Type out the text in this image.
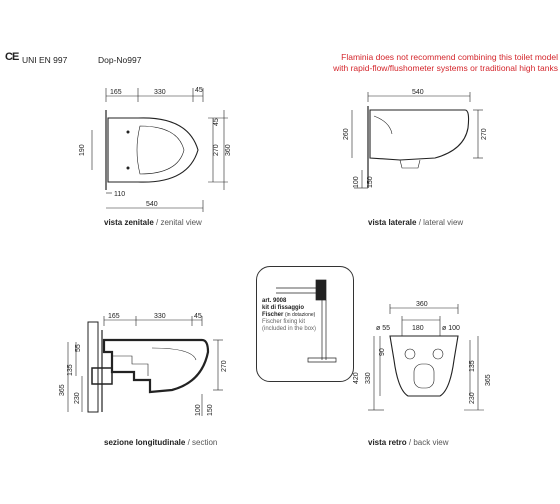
CE UNI EN 997	Dop-No997	Flaminia does not recommend combining this toilet model
with rapid-flow/flushometer systems or traditional high tanks
165	330	45
190	270 360
45
110
540
vista zenitale / zenital view
540
260	270
100 150
vista laterale / lateral view
165	330	45
55
135
230
365
270
100 150
sezione longitudinale / section
art. 9008
kit di fissaggio
Fischer (in dotazione)
Fischer fixing kit
(included in the box)
360
ø 55	180	ø 100
90
420 330
135
230
365
vista retro / back view
